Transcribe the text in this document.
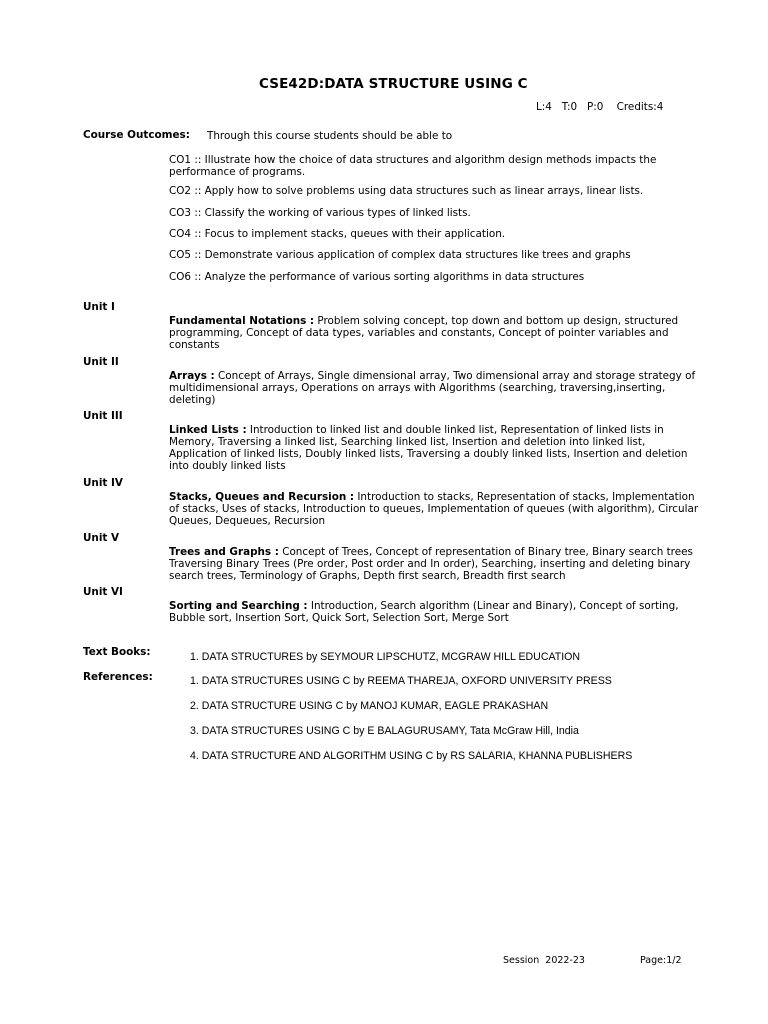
CSE42D:DATA STRUCTURE USING C
L:4   T:0   P:0    Credits:4
Course Outcomes: Through this course students should be able to
CO1 :: Illustrate how the choice of data structures and algorithm design methods impacts the performance of programs.
CO2 :: Apply how to solve problems using data structures such as linear arrays, linear lists.
CO3 :: Classify the working of various types of linked lists.
CO4 :: Focus to implement stacks, queues with their application.
CO5 :: Demonstrate various application of complex data structures like trees and graphs
CO6 :: Analyze the performance of various sorting algorithms in data structures
Unit I
Fundamental Notations : Problem solving concept, top down and bottom up design, structured programming, Concept of data types, variables and constants, Concept of pointer variables and constants
Unit II
Arrays : Concept of Arrays, Single dimensional array, Two dimensional array and storage strategy of multidimensional arrays, Operations on arrays with Algorithms (searching, traversing,inserting, deleting)
Unit III
Linked Lists : Introduction to linked list and double linked list, Representation of linked lists in Memory, Traversing a linked list, Searching linked list, Insertion and deletion into linked list, Application of linked lists, Doubly linked lists, Traversing a doubly linked lists, Insertion and deletion into doubly linked lists
Unit IV
Stacks, Queues and Recursion : Introduction to stacks, Representation of stacks, Implementation of stacks, Uses of stacks, Introduction to queues, Implementation of queues (with algorithm), Circular Queues, Dequeues, Recursion
Unit V
Trees and Graphs : Concept of Trees, Concept of representation of Binary tree, Binary search trees Traversing Binary Trees (Pre order, Post order and In order), Searching, inserting and deleting binary search trees, Terminology of Graphs, Depth first search, Breadth first search
Unit VI
Sorting and Searching : Introduction, Search algorithm (Linear and Binary), Concept of sorting, Bubble sort, Insertion Sort, Quick Sort, Selection Sort, Merge Sort
Text Books:	1. DATA STRUCTURES by SEYMOUR LIPSCHUTZ, MCGRAW HILL EDUCATION
References:	1. DATA STRUCTURES USING C by REEMA THAREJA, OXFORD UNIVERSITY PRESS
2. DATA STRUCTURE USING C by MANOJ KUMAR, EAGLE PRAKASHAN
3. DATA STRUCTURES USING C by E BALAGURUSAMY, Tata McGraw Hill, India
4. DATA STRUCTURE AND ALGORITHM USING C by RS SALARIA, KHANNA PUBLISHERS
Session  2022-23	Page:1/2
